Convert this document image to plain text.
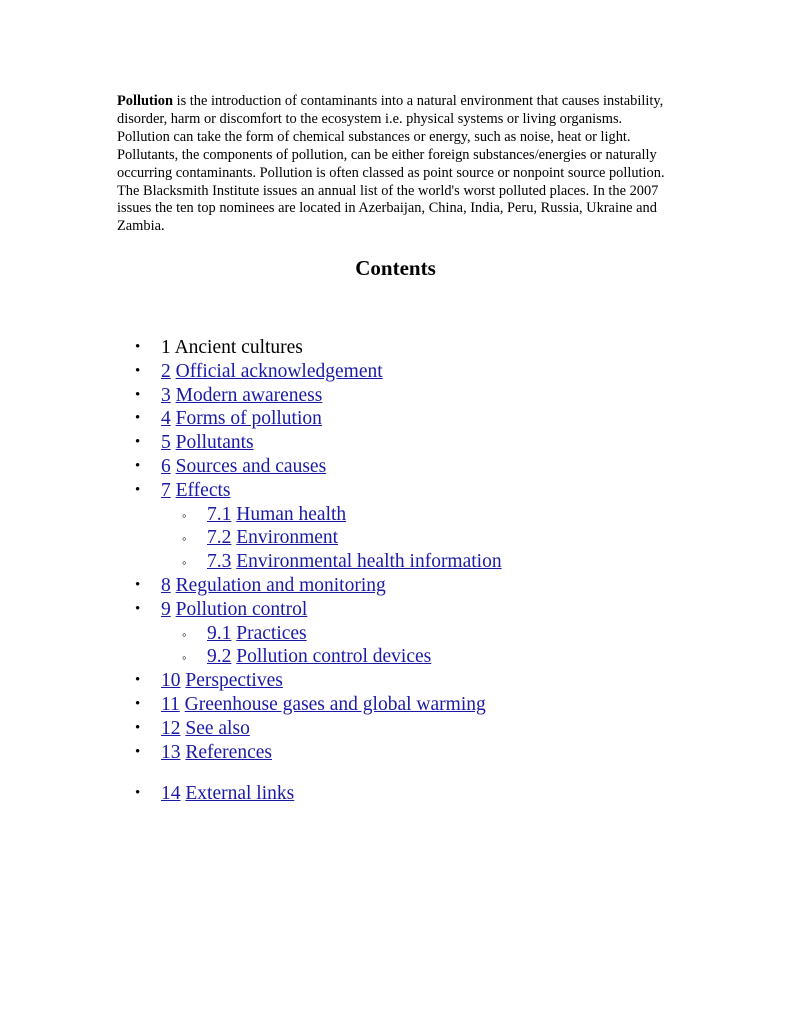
Pollution is the introduction of contaminants into a natural environment that causes instability, disorder, harm or discomfort to the ecosystem i.e. physical systems or living organisms. Pollution can take the form of chemical substances or energy, such as noise, heat or light. Pollutants, the components of pollution, can be either foreign substances/energies or naturally occurring contaminants. Pollution is often classed as point source or nonpoint source pollution. The Blacksmith Institute issues an annual list of the world's worst polluted places. In the 2007 issues the ten top nominees are located in Azerbaijan, China, India, Peru, Russia, Ukraine and Zambia.

Contents
• 1 Ancient cultures
• 2 Official acknowledgement
• 3 Modern awareness
• 4 Forms of pollution
• 5 Pollutants
• 6 Sources and causes
• 7 Effects
◦ 7.1 Human health
◦ 7.2 Environment
◦ 7.3 Environmental health information
• 8 Regulation and monitoring
• 9 Pollution control
◦ 9.1 Practices
◦ 9.2 Pollution control devices
• 10 Perspectives
• 11 Greenhouse gases and global warming
• 12 See also
• 13 References
• 14 External links
